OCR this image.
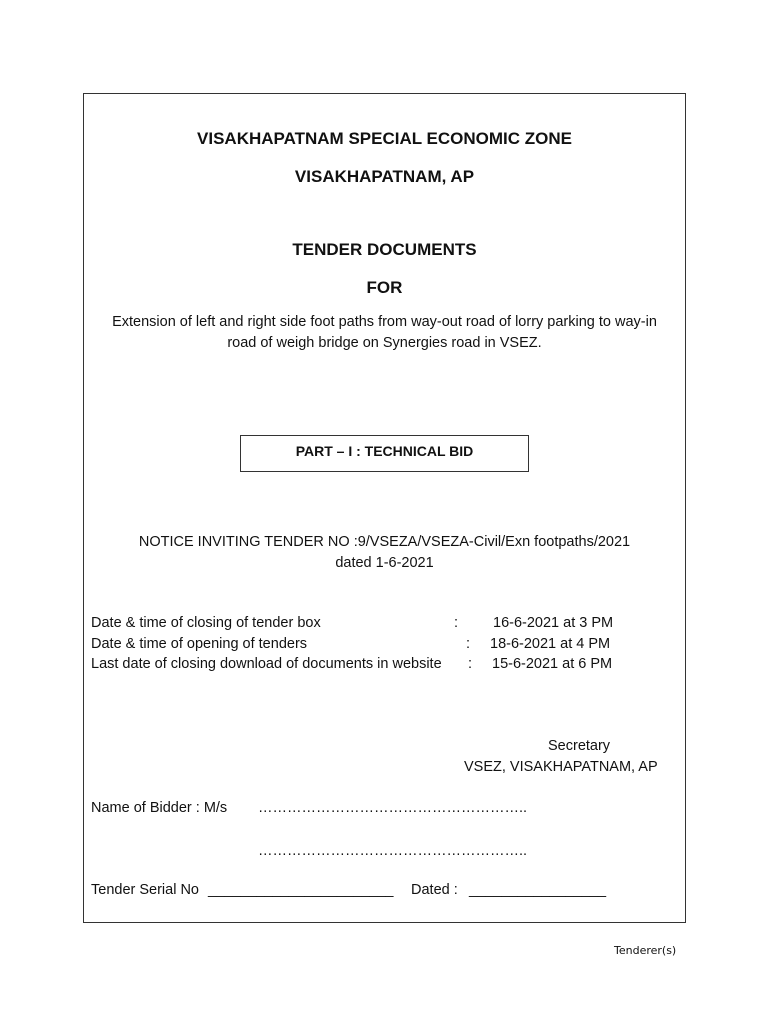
VISAKHAPATNAM SPECIAL ECONOMIC ZONE
VISAKHAPATNAM, AP
TENDER DOCUMENTS
FOR
Extension of left and right side foot paths from way-out road of lorry parking to way-in
road of weigh bridge on Synergies road in VSEZ.
PART – I : TECHNICAL BID
NOTICE INVITING TENDER NO :9/VSEZA/VSEZA-Civil/Exn footpaths/2021
dated 1-6-2021
Date & time of closing of tender box	: 16-6-2021 at 3 PM
Date & time of opening of tenders	: 18-6-2021 at 4 PM
Last date of closing download of documents in website : 15-6-2021 at 6 PM
Secretary
VSEZ, VISAKHAPATNAM, AP
Name of Bidder : M/s ………………………………………………..
………………………………………………..
Tender Serial No _______________________ Dated : _________________
Tenderer(s)
